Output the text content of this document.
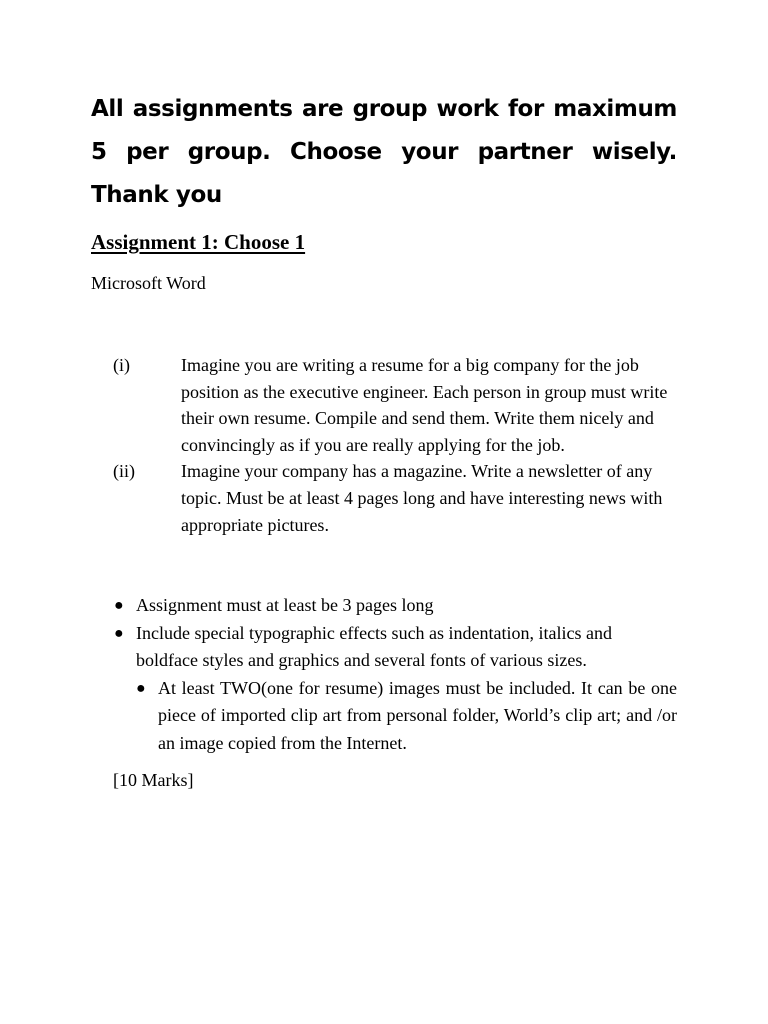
All assignments are group work for maximum 5 per group. Choose your partner wisely. Thank you
Assignment 1: Choose 1

Microsoft Word

(i)	Imagine you are writing a resume for a big company for the job position as the executive engineer. Each person in group must write their own resume. Compile and send them. Write them nicely and convincingly as if you are really applying for the job.
(ii)	Imagine your company has a magazine. Write a newsletter of any topic. Must be at least 4 pages long and have interesting news with appropriate pictures.
● Assignment must at least be 3 pages long
● Include special typographic effects such as indentation, italics and boldface styles and graphics and several fonts of various sizes.
● At least TWO(one for resume) images must be included. It can be one piece of imported clip art from personal folder, World’s clip art; and /or an image copied from the Internet.

[10 Marks]
